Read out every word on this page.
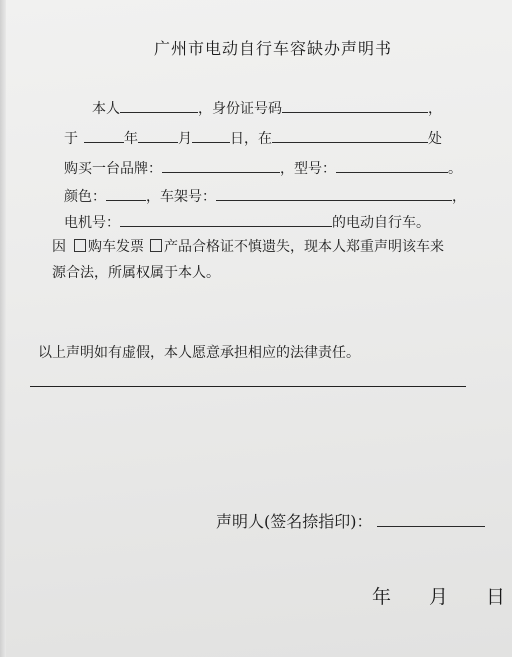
广州市电动自行车容缺办声明书
本人	，身份证号码	，
于	年	月	日，在	处
购买一台品牌：	，型号：	。
颜色：	，车架号：	，
电机号：	的电动自行车。
因 购车发票 产品合格证不慎遗失，现本人郑重声明该车来
源合法，所属权属于本人。
以上声明如有虚假，本人愿意承担相应的法律责任。
声明人(签名捺指印)：
年 月 日
